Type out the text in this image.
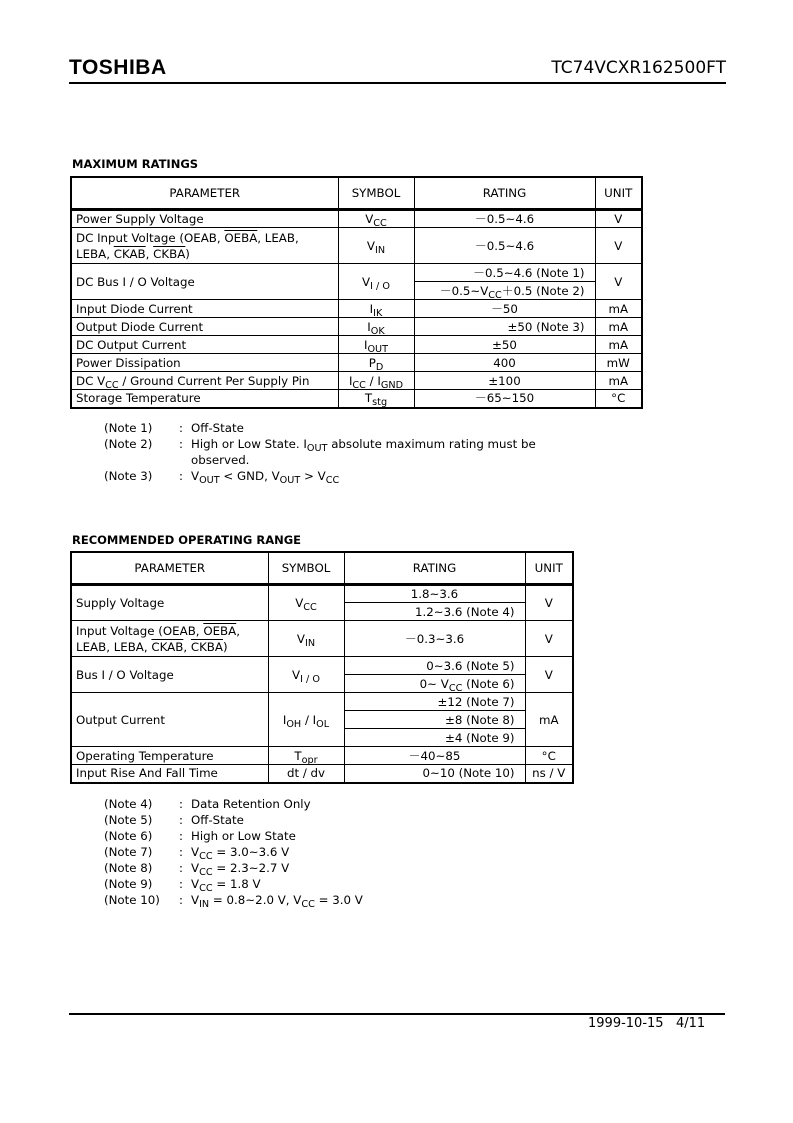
TOSHIBA	TC74VCXR162500FT
MAXIMUM RATINGS
PARAMETER	SYMBOL	RATING	UNIT
Power Supply Voltage	$V_{CC}$	－0.5~4.6	V
DC Input Voltage (OEAB, OEBA, LEAB,
LEBA, CKAB, CKBA)	$V_{IN}$	－0.5~4.6	V
DC Bus I / O Voltage	$V_{I / O}$	－0.5~4.6 (Note 1)	V
		$-0.5\sim V_{CC}+0.5$ (Note 2)	
Input Diode Current	$I_{IK}$	－50	mA
Output Diode Current	$I_{OK}$	±50 (Note 3)	mA
DC Output Current	$I_{OUT}$	±50	mA
Power Dissipation	$P_D$	400	mW
DC $V_{CC}$ / Ground Current Per Supply Pin	$I_{CC} / I_{GND}$	±100	mA
Storage Temperature	$T_{stg}$	－65~150	°C
(Note 1)	: Off-State
(Note 2)	: High or Low State. $I_{OUT}$ absolute maximum rating must be
observed.
(Note 3)	: $V_{OUT}$ < GND, $V_{OUT} > V_{CC}$
RECOMMENDED OPERATING RANGE
PARAMETER	SYMBOL	RATING	UNIT
Supply Voltage	$V_{CC}$	1.8~3.6	V
		1.2~3.6 (Note 4)	
Input Voltage (OEAB, OEBA,
LEAB, LEBA, CKAB, CKBA)	$V_{IN}$	－0.3~3.6	V
Bus I / O Voltage	$V_{I / O}$	0~3.6 (Note 5)	V
		0~ $V_{CC}$ (Note 6)	
Output Current	$I_{OH} / I_{OL}$	±12 (Note 7)	mA
		±8 (Note 8)	
		±4 (Note 9)	
Operating Temperature	$T_{opr}$	－40~85	°C
Input Rise And Fall Time	dt / dv	0~10 (Note 10)	ns / V
(Note 4)	: Data Retention Only
(Note 5)	: Off-State
(Note 6)	: High or Low State
(Note 7)	: $V_{CC}$ = 3.0~3.6 V
(Note 8)	: $V_{CC}$ = 2.3~2.7 V
(Note 9)	: $V_{CC} = 1.8$ V
(Note 10)	: $V_{IN}$ = 0.8~2.0 V, $V_{CC} = 3.0$ V
1999-10-15 4/11
